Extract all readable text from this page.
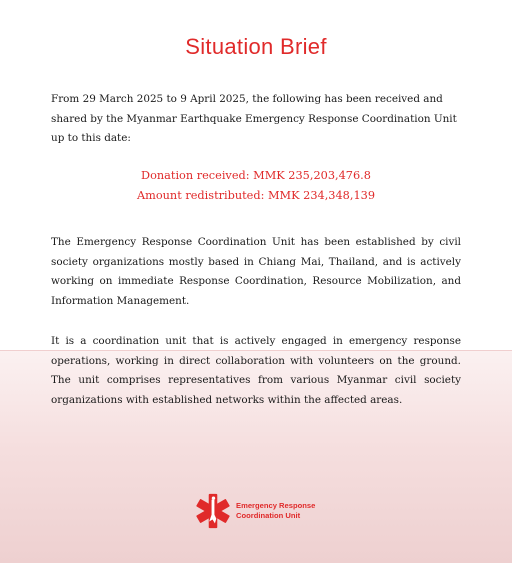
Situation Brief
From 29 March 2025 to 9 April 2025, the following has been received and shared by the Myanmar Earthquake Emergency Response Coordination Unit up to this date:
Donation received: MMK 235,203,476.8
Amount redistributed: MMK 234,348,139
The Emergency Response Coordination Unit has been established by civil society organizations mostly based in Chiang Mai, Thailand, and is actively working on immediate Response Coordination, Resource Mobilization, and Information Management.
It is a coordination unit that is actively engaged in emergency response operations, working in direct collaboration with volunteers on the ground. The unit comprises representatives from various Myanmar civil society organizations with established networks within the affected areas.
Emergency Response
Coordination Unit
